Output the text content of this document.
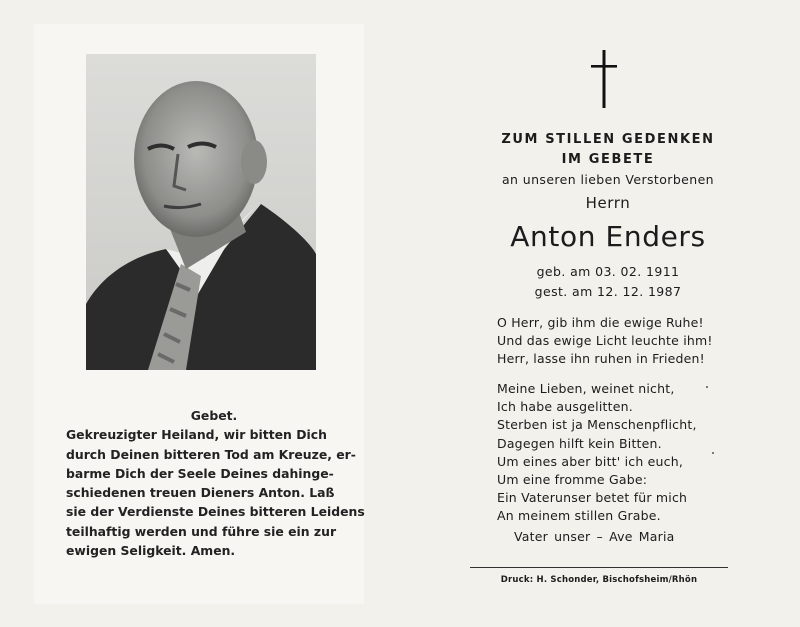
Gebet.
Gekreuzigter Heiland, wir bitten Dich
durch Deinen bitteren Tod am Kreuze, er-
barme Dich der Seele Deines dahinge-
schiedenen treuen Dieners Anton. Laß
sie der Verdienste Deines bitteren Leidens
teilhaftig werden und führe sie ein zur
ewigen Seligkeit. Amen.
ZUM STILLEN GEDENKEN
IM GEBETE
an unseren lieben Verstorbenen
Herrn
Anton Enders
geb. am 03. 02. 1911
gest. am 12. 12. 1987
O Herr, gib ihm die ewige Ruhe!
Und das ewige Licht leuchte ihm!
Herr, lasse ihn ruhen in Frieden!
Meine Lieben, weinet nicht,
Ich habe ausgelitten.
Sterben ist ja Menschenpflicht,
Dagegen hilft kein Bitten.
Um eines aber bitt' ich euch,
Um eine fromme Gabe:
Ein Vaterunser betet für mich
An meinem stillen Grabe.
Vater unser – Ave Maria
Druck: H. Schonder, Bischofsheim/Rhön
